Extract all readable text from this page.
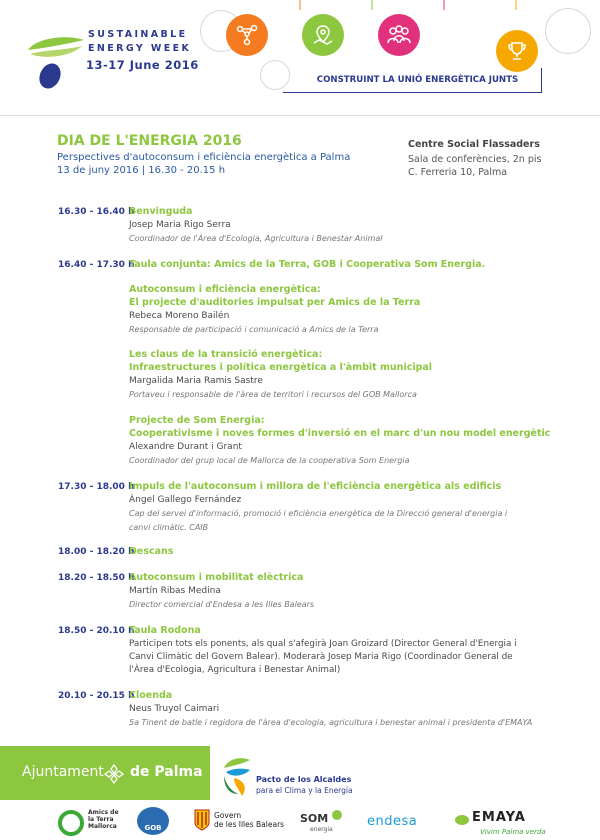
SUSTAINABLE
ENERGY WEEK
13-17 June 2016
CONSTRUINT LA UNIÓ ENERGÈTICA JUNTS
DIA DE L'ENERGIA 2016
Perspectives d'autoconsum i eficiència energètica a Palma
13 de juny 2016 | 16.30 - 20.15 h
Centre Social Flassaders
Sala de conferències, 2n pis
C. Ferreria 10, Palma
16.30 - 16.40 h
Benvinguda
Josep Maria Rigo Serra
Coordinador de l'Àrea d'Ecologia, Agricultura i Benestar Animal
16.40 - 17.30 h
Taula conjunta: Amics de la Terra, GOB i Cooperativa Som Energia.
Autoconsum i eficiència energètica:
El projecte d'auditories impulsat per Amics de la Terra
Rebeca Moreno Bailén
Responsable de participació i comunicació a Amics de la Terra
Les claus de la transició energètica:
Infraestructures i política energètica a l'àmbit municipal
Margalida Maria Ramis Sastre
Portaveu i responsable de l'àrea de territori i recursos del GOB Mallorca
Projecte de Som Energia:
Cooperativisme i noves formes d'inversió en el marc d'un nou model energètic
Alexandre Durant i Grant
Coordinador del grup local de Mallorca de la cooperativa Som Energia
17.30 - 18.00 h
Impuls de l'autoconsum i millora de l'eficiència energètica als edificis
Àngel Gallego Fernández
Cap del servei d'informació, promoció i eficiència energètica de la Direcció general d'energia i canvi climàtic. CAIB
18.00 - 18.20 h
Descans
18.20 - 18.50 h
Autoconsum i mobilitat elèctrica
Martín Ribas Medina
Director comercial d'Endesa a les Illes Balears
18.50 - 20.10 h
Taula Rodona
Participen tots els ponents, als qual s'afegirà Joan Groizard (Director General d'Energia i Canvi Climàtic del Govern Balear). Moderarà Josep Maria Rigo (Coordinador General de l'Àrea d'Ecologia, Agricultura i Benestar Animal)
20.10 - 20.15 h
Cloenda
Neus Truyol Caimari
5a Tinent de batle i regidora de l'àrea d'ecologia, agricultura i benestar animal i presidenta d'EMAYA
Ajuntament de Palma	Pacto de los Alcaldes
para el Clima y la Energía
Amics de
la Terra
Mallorca	GOB
Govern
de les Illes Balears SOM
energia
endesa	EMAYA
Vivim Palma verda
